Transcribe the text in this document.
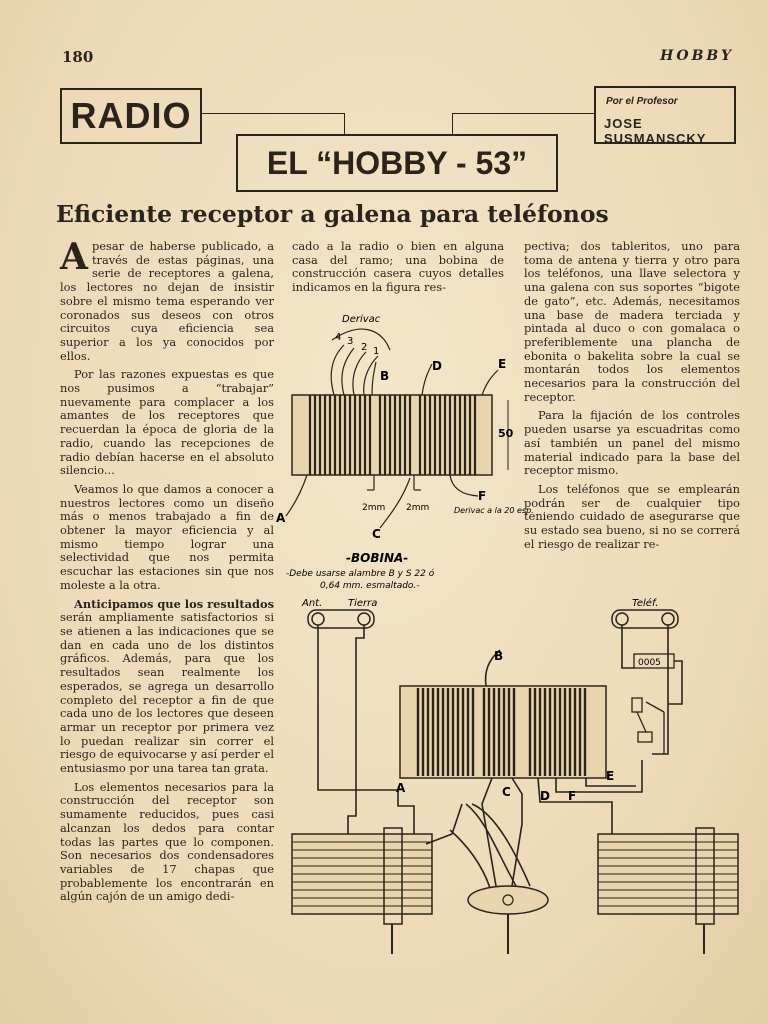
180	HOBBY
RADIO	Por el Profesor
JOSE SUSMANSCKY
EL “HOBBY - 53”
Eficiente receptor a galena para teléfonos

Apesar de haberse publicado, a través de estas páginas, una serie de receptores a galena, los lectores no dejan de insistir sobre el mismo tema esperando ver coronados sus deseos con otros circuitos cuya eficiencia sea superior a los ya conocidos por ellos.

Por las razones expuestas es que nos pusimos a “trabajar” nuevamente para complacer a los amantes de los receptores que recuerdan la época de gloria de la radio, cuando las recepciones de radio debían hacerse en el absoluto silencio...

Veamos lo que damos a conocer a nuestros lectores como un diseño más o menos trabajado a fin de obtener la mayor eficiencia y al mismo tiempo lograr una selectividad que nos permita escuchar las estaciones sin que nos moleste a la otra.

Anticipamos que los resultados serán ampliamente satisfactorios si se atienen a las indicaciones que se dan en cada uno de los distintos gráficos. Además, para que los resultados sean realmente los esperados, se agrega un desarrollo completo del receptor a fin de que cada uno de los lectores que deseen armar un receptor por primera vez lo puedan realizar sin correr el riesgo de equivocarse y así perder el entusiasmo por una tarea tan grata.

Los elementos necesarios para la construcción del receptor son sumamente reducidos, pues casi alcanzan los dedos para contar todas las partes que lo componen. Son necesarios dos condensadores variables de 17 chapas que probablemente los encontrarán en algún cajón de un amigo dedi-

cado a la radio o bien en alguna casa del ramo; una bobina de construcción casera cuyos detalles indicamos en la figura res-

pectiva; dos tableritos, uno para toma de antena y tierra y otro para los teléfonos, una llave selectora y una galena con sus soportes “bigote de gato”, etc. Además, necesitamos una base de madera terciada y pintada al duco o con gomalaca o preferiblemente una plancha de ebonita o bakelita sobre la cual se montarán todos los elementos necesarios para la construcción del receptor.

Para la fijación de los controles pueden usarse ya escuadritas como así también un panel del mismo material indicado para la base del receptor mismo.

Los teléfonos que se emplearán podrán ser de cualquier tipo teniendo cuidado de asegurarse que su estado sea bueno, si no se correrá el riesgo de realizar re-

50
Derivac
4 3
2 1
A
B
C
D	E
F
2mm 2mm	Derivac a la 20 esp.
-BOBINA-
-Debe usarse alambre B y S 22 ó
0,64 mm. esmaltado.-
Ant.	Tierra	Teléf.
0005
A
B
C D F
E
